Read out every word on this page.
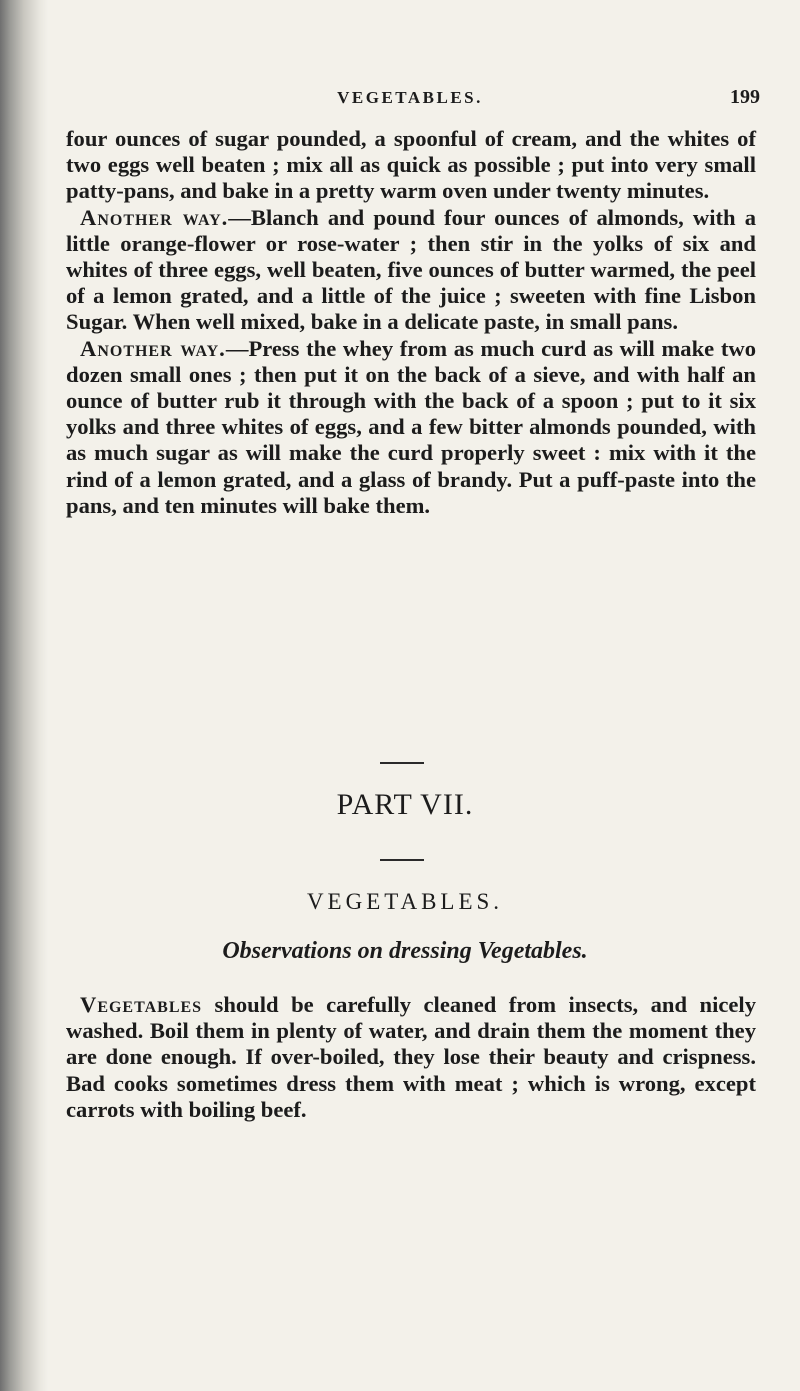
VEGETABLES.	199

four ounces of sugar pounded, a spoonful of cream, and the whites of two eggs well beaten ; mix all as quick as possible ; put into very small patty-pans, and bake in a pretty warm oven under twenty minutes.

Another way.—Blanch and pound four ounces of almonds, with a little orange-flower or rose-water ; then stir in the yolks of six and whites of three eggs, well beaten, five ounces of butter warmed, the peel of a lemon grated, and a little of the juice ; sweeten with fine Lisbon Sugar. When well mixed, bake in a delicate paste, in small pans.

Another way.—Press the whey from as much curd as will make two dozen small ones ; then put it on the back of a sieve, and with half an ounce of butter rub it through with the back of a spoon ; put to it six yolks and three whites of eggs, and a few bitter almonds pounded, with as much sugar as will make the curd properly sweet : mix with it the rind of a lemon grated, and a glass of brandy. Put a puff-paste into the pans, and ten minutes will bake them.

PART VII.
VEGETABLES.
Observations on dressing Vegetables.

Vegetables should be carefully cleaned from insects, and nicely washed. Boil them in plenty of water, and drain them the moment they are done enough. If over-boiled, they lose their beauty and crispness. Bad cooks sometimes dress them with meat ; which is wrong, except carrots with boiling beef.
